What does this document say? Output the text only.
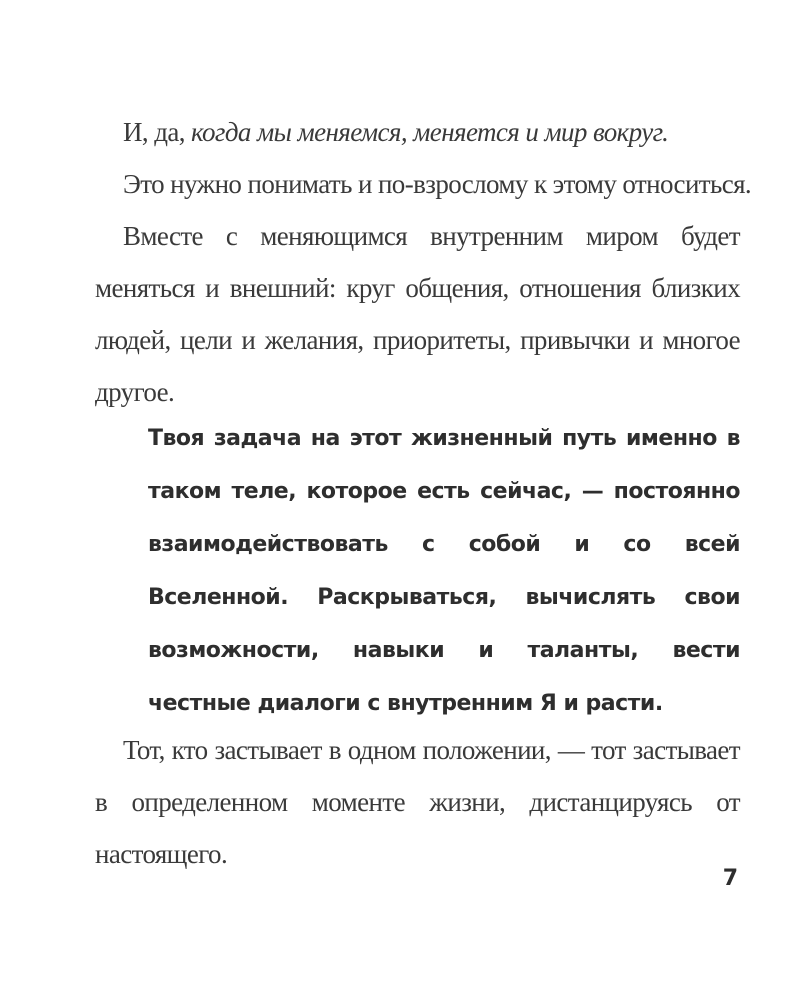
И, да, когда мы меняемся, меняется и мир вокруг.
Это нужно понимать и по-взрослому к этому относиться.

Вместе с меняющимся внутренним миром будет меняться и внешний: круг общения, отношения близких людей, цели и желания, приоритеты, привычки и многое другое.

Твоя задача на этот жизненный путь именно в таком теле, которое есть сейчас, — постоянно взаимодействовать с собой и со всей Вселенной. Раскрываться, вычислять свои возможности, навыки и таланты, вести честные диалоги с внутренним Я и расти.

Тот, кто застывает в одном положении, — тот застывает в определенном моменте жизни, дистанцируясь от настоящего.

7
